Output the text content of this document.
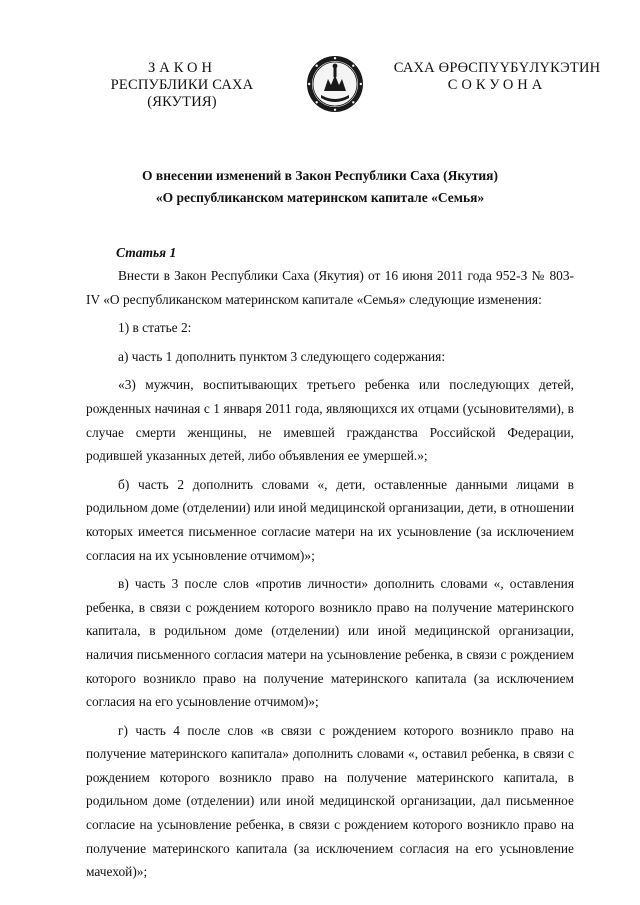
ЗАКОН
РЕСПУБЛИКИ САХА (ЯКУТИЯ)
САХА ӨРӨСПҮҮБҮЛҮКЭТИН
СОКУОНА
О внесении изменений в Закон Республики Саха (Якутия)
«О республиканском материнском капитале «Семья»
Статья 1

Внести в Закон Республики Саха (Якутия) от 16 июня 2011 года 952-З № 803-IV «О республиканском материнском капитале «Семья» следующие изменения:

1) в статье 2:

а) часть 1 дополнить пунктом 3 следующего содержания:

«3) мужчин, воспитывающих третьего ребенка или последующих детей, рожденных начиная с 1 января 2011 года, являющихся их отцами (усыновителями), в случае смерти женщины, не имевшей гражданства Российской Федерации, родившей указанных детей, либо объявления ее умершей.»;

б) часть 2 дополнить словами «, дети, оставленные данными лицами в родильном доме (отделении) или иной медицинской организации, дети, в отношении которых имеется письменное согласие матери на их усыновление (за исключением согласия на их усыновление отчимом)»;

в) часть 3 после слов «против личности» дополнить словами «, оставления ребенка, в связи с рождением которого возникло право на получение материнского капитала, в родильном доме (отделении) или иной медицинской организации, наличия письменного согласия матери на усыновление ребенка, в связи с рождением которого возникло право на получение материнского капитала (за исключением согласия на его усыновление отчимом)»;

г) часть 4 после слов «в связи с рождением которого возникло право на получение материнского капитала» дополнить словами «, оставил ребенка, в связи с рождением которого возникло право на получение материнского капитала, в родильном доме (отделении) или иной медицинской организации, дал письменное согласие на усыновление ребенка, в связи с рождением которого возникло право на получение материнского капитала (за исключением согласия на его усыновление мачехой)»;
